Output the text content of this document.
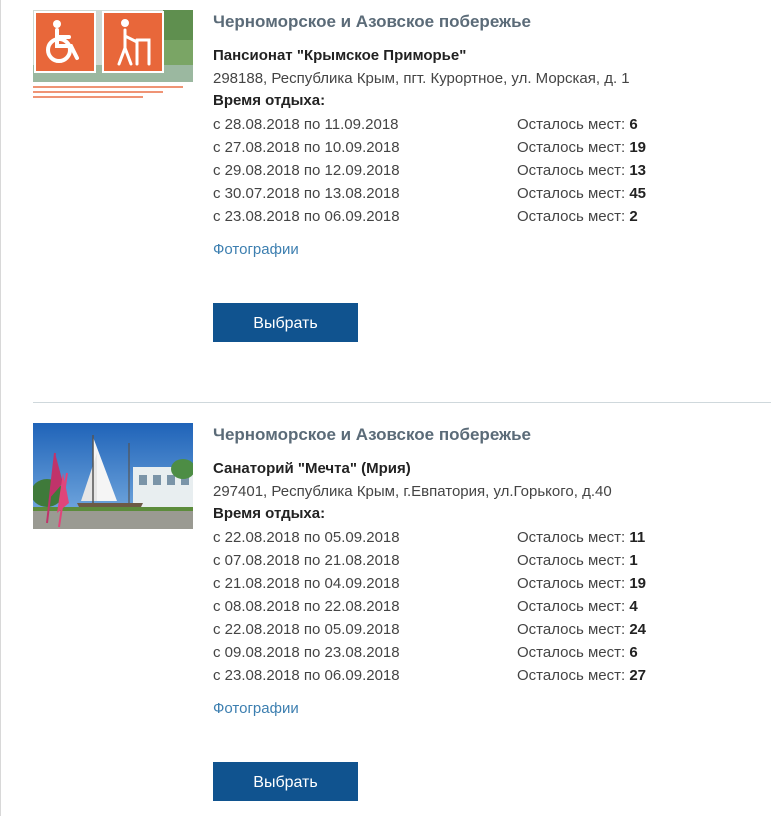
Черноморское и Азовское побережье
Пансионат "Крымское Приморье"
298188, Республика Крым, пгт. Курортное, ул. Морская, д. 1
Время отдыха:
с 28.08.2018 по 11.09.2018	Осталось мест: 6
с 27.08.2018 по 10.09.2018	Осталось мест: 19
с 29.08.2018 по 12.09.2018	Осталось мест: 13
с 30.07.2018 по 13.08.2018	Осталось мест: 45
с 23.08.2018 по 06.09.2018	Осталось мест: 2
Фотографии
Выбрать
Черноморское и Азовское побережье
Санаторий "Мечта" (Мрия)
297401, Республика Крым, г.Евпатория, ул.Горького, д.40
Время отдыха:
с 22.08.2018 по 05.09.2018	Осталось мест: 11
с 07.08.2018 по 21.08.2018	Осталось мест: 1
с 21.08.2018 по 04.09.2018	Осталось мест: 19
с 08.08.2018 по 22.08.2018	Осталось мест: 4
с 22.08.2018 по 05.09.2018	Осталось мест: 24
с 09.08.2018 по 23.08.2018	Осталось мест: 6
с 23.08.2018 по 06.09.2018	Осталось мест: 27
Фотографии
Выбрать
